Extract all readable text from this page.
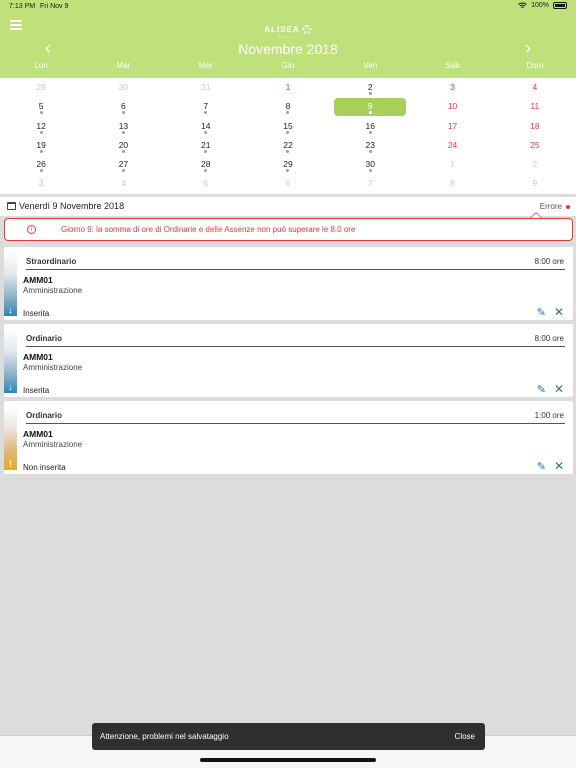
7:13 PM Fri Nov 9	100%
ALISEA
‹	Novembre 2018	›
Lun	Mar	Mer	Gio	Ven	Sab	Dom
29	30	31	1	2	3	4
5	6	7	8	9	10	11
12	13	14	15	16	17	18
19	20	21	22	23	24	25
26	27	28	29	30	1	2
3	4	5	6	7	8	9
Venerdì 9 Novembre 2018	Errore
i	Giorno 9: la somma di ore di Ordinarie e delle Assenze non può superare le 8.0 ore
↓
Straordinario	8:00 ore
AMM01
Amministrazione
Inserita	✎ ✕
↓
Ordinario	8:00 ore
AMM01
Amministrazione
Inserita	✎ ✕
!
Ordinario	1:00 ore
AMM01
Amministrazione
Non inserita	✎ ✕
Attenzione, problemi nel salvataggio	Close
